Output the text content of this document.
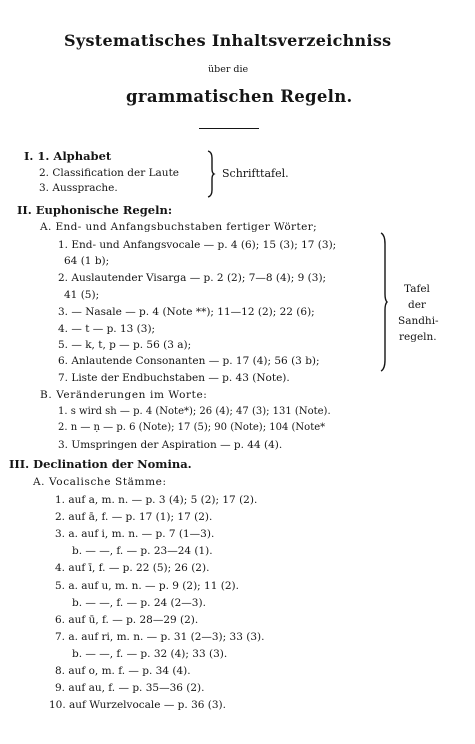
Systematisches Inhaltsverzeichniss
über die
grammatischen Regeln.
I. 1. Alphabet
2. Classification der Laute
3. Aussprache.
Schrifttafel.
II. Euphonische Regeln:
A. End- und Anfangsbuchstaben fertiger Wörter;
1. End- und Anfangsvocale — p. 4 (6); 15 (3); 17 (3);
64 (1 b);
2. Auslautender Visarga — p. 2 (2); 7—8 (4); 9 (3);
41 (5);
3. — Nasale — p. 4 (Note **); 11—12 (2); 22 (6);
4. — t — p. 13 (3);
5. — k, t, p — p. 56 (3 a);
6. Anlautende Consonanten — p. 17 (4); 56 (3 b);
7. Liste der Endbuchstaben — p. 43 (Note).
Tafel
der
Sandhi-
regeln.
B. Veränderungen im Worte:
1. s wird sh — p. 4 (Note*); 26 (4); 47 (3); 131 (Note).
2. n — ṇ — p. 6 (Note); 17 (5); 90 (Note); 104 (Note*
3. Umspringen der Aspiration — p. 44 (4).
III. Declination der Nomina.
A. Vocalische Stämme:
1. auf a, m. n. — p. 3 (4); 5 (2); 17 (2).
2. auf ā, f. — p. 17 (1); 17 (2).
3. a. auf i, m. n. — p. 7 (1—3).
b. — —, f. — p. 23—24 (1).
4. auf ī, f. — p. 22 (5); 26 (2).
5. a. auf u, m. n. — p. 9 (2); 11 (2).
b. — —, f. — p. 24 (2—3).
6. auf ū, f. — p. 28—29 (2).
7. a. auf ri, m. n. — p. 31 (2—3); 33 (3).
b. — —, f. — p. 32 (4); 33 (3).
8. auf o, m. f. — p. 34 (4).
9. auf au, f. — p. 35—36 (2).
10. auf Wurzelvocale — p. 36 (3).
